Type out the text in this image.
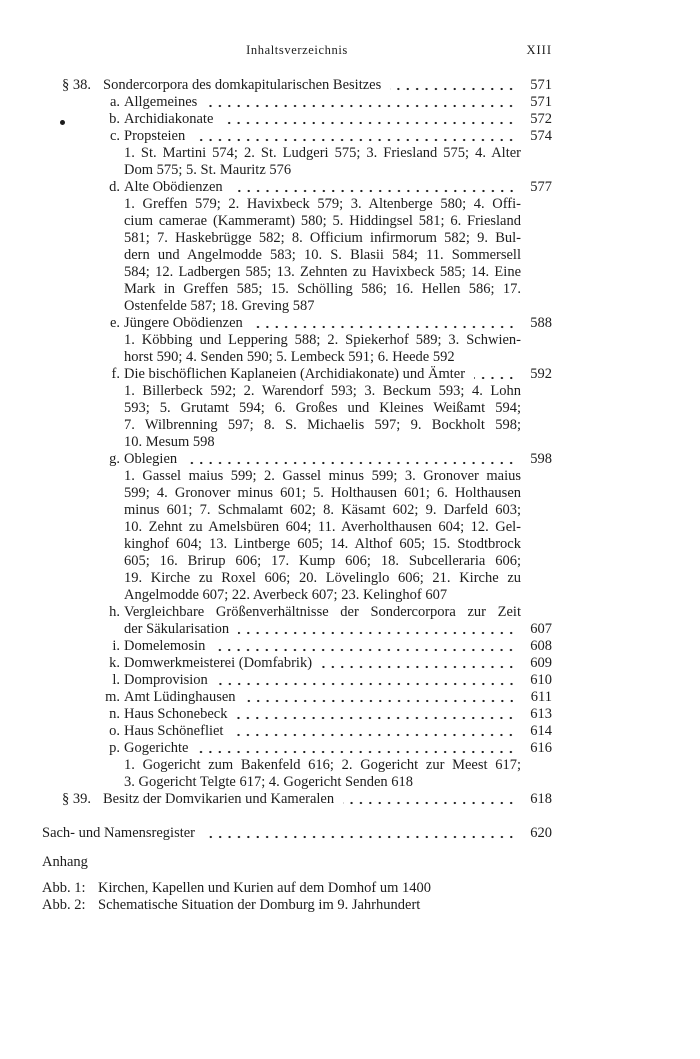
Inhaltsverzeichnis	XIII
§ 38. Sondercorpora des domkapitularischen Besitzes	571
a. Allgemeines	571
b. Archidiakonate	572
c. Propsteien	574
1. St. Martini 574; 2. St. Ludgeri 575; 3. Friesland 575; 4. Alter
Dom 575; 5. St. Mauritz 576
d. Alte Obödienzen	577
1. Greffen 579; 2. Havixbeck 579; 3. Altenberge 580; 4. Offi-
cium camerae (Kammeramt) 580; 5. Hiddingsel 581; 6. Friesland
581; 7. Haskebrügge 582; 8. Officium infirmorum 582; 9. Bul-
dern und Angelmodde 583; 10. S. Blasii 584; 11. Sommersell
584; 12. Ladbergen 585; 13. Zehnten zu Havixbeck 585; 14. Eine
Mark in Greffen 585; 15. Schölling 586; 16. Hellen 586; 17.
Ostenfelde 587; 18. Greving 587
e. Jüngere Obödienzen	588
1. Köbbing und Leppering 588; 2. Spiekerhof 589; 3. Schwien-
horst 590; 4. Senden 590; 5. Lembeck 591; 6. Heede 592
f. Die bischöflichen Kaplaneien (Archidiakonate) und Ämter	592
1. Billerbeck 592; 2. Warendorf 593; 3. Beckum 593; 4. Lohn
593; 5. Grutamt 594; 6. Großes und Kleines Weißamt 594;
7. Wilbrenning 597; 8. S. Michaelis 597; 9. Bockholt 598;
10. Mesum 598
g. Oblegien	598
1. Gassel maius 599; 2. Gassel minus 599; 3. Gronover maius
599; 4. Gronover minus 601; 5. Holthausen 601; 6. Holthausen
minus 601; 7. Schmalamt 602; 8. Käsamt 602; 9. Darfeld 603;
10. Zehnt zu Amelsbüren 604; 11. Averholthausen 604; 12. Gel-
kinghof 604; 13. Lintberge 605; 14. Althof 605; 15. Stodtbrock
605; 16. Brirup 606; 17. Kump 606; 18. Subcelleraria 606;
19. Kirche zu Roxel 606; 20. Lövelinglo 606; 21. Kirche zu
Angelmodde 607; 22. Averbeck 607; 23. Kelinghof 607
h. Vergleichbare Größenverhältnisse der Sondercorpora zur Zeit
der Säkularisation	607
i. Domelemosin	608
k. Domwerkmeisterei (Domfabrik)	609
l. Domprovision	610
m. Amt Lüdinghausen	611
n. Haus Schonebeck	613
o. Haus Schönefliet	614
p. Gogerichte	616
1. Gogericht zum Bakenfeld 616; 2. Gogericht zur Meest 617;
3. Gogericht Telgte 617; 4. Gogericht Senden 618
§ 39. Besitz der Domvikarien und Kameralen	618
Sach- und Namensregister	620
Anhang
Abb. 1: Kirchen, Kapellen und Kurien auf dem Domhof um 1400
Abb. 2: Schematische Situation der Domburg im 9. Jahrhundert
